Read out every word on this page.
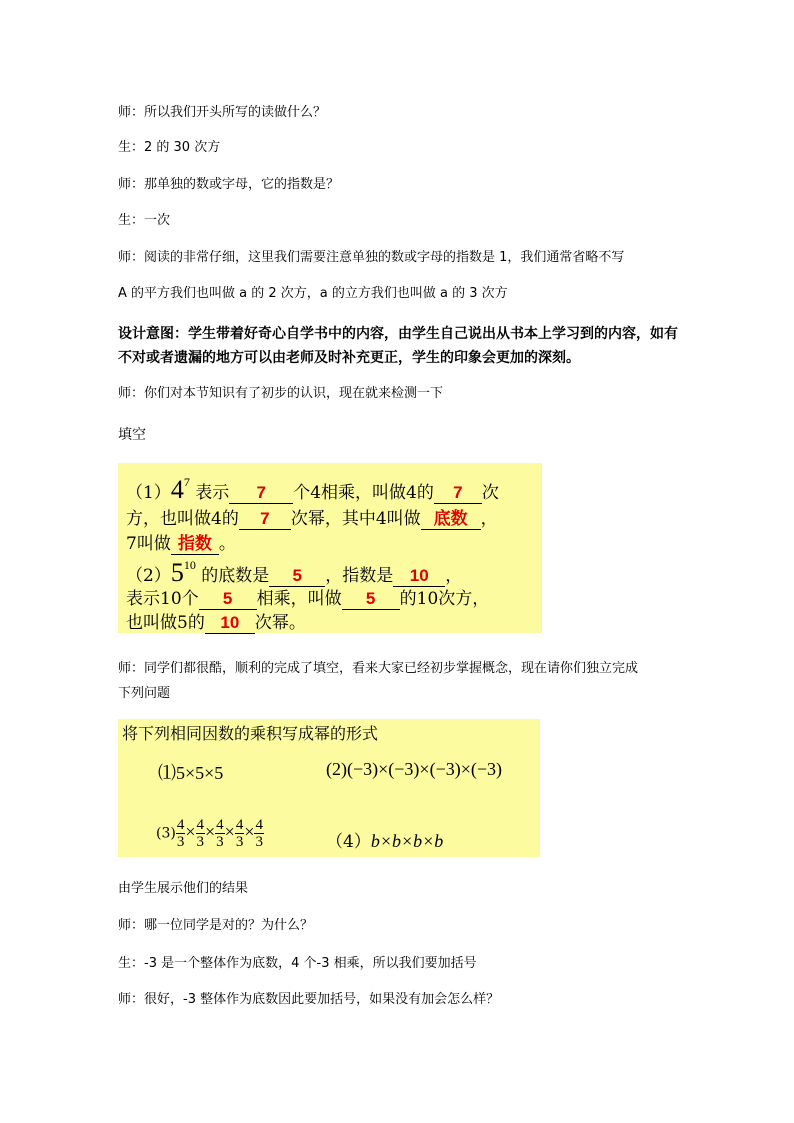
师：所以我们开头所写的读做什么？
生：2 的 30 次方
师：那单独的数或字母，它的指数是？
生：一次
师：阅读的非常仔细，这里我们需要注意单独的数或字母的指数是 1，我们通常省略不写
A 的平方我们也叫做 a 的 2 次方，a 的立方我们也叫做 a 的 3 次方
设计意图：学生带着好奇心自学书中的内容，由学生自己说出从书本上学习到的内容，如有不对或者遗漏的地方可以由老师及时补充更正，学生的印象会更加的深刻。
师：你们对本节知识有了初步的认识，现在就来检测一下
填空
$(1)4^7$ 表示 7 个4相乘，叫做4的 7 次
方，也叫做4的 7 次幂，其中4叫做 底数 ，
7叫做 指数 。
$(2)5^{10}$ 的底数是 5 ，指数是 10 ，
表示10个 5 相乘，叫做 5 的10次方，
也叫做5的 10 次幂。
师：同学们都很酷，顺利的完成了填空，看来大家已经初步掌握概念，现在请你们独立完成
下列问题
将下列相同因数的乘积写成幂的形式
⑴5×5×5	(2)(−3)×(−3)×(−3)×(−3)
$(3) \frac{4}{3} \times \frac{4}{3} \times \frac{4}{3} \times \frac{4}{3} \times \frac{4}{3}$	（4）b×b×b×b
由学生展示他们的结果
师：哪一位同学是对的？为什么？
生：-3 是一个整体作为底数，4 个-3 相乘，所以我们要加括号
师：很好，-3 整体作为底数因此要加括号，如果没有加会怎么样？
